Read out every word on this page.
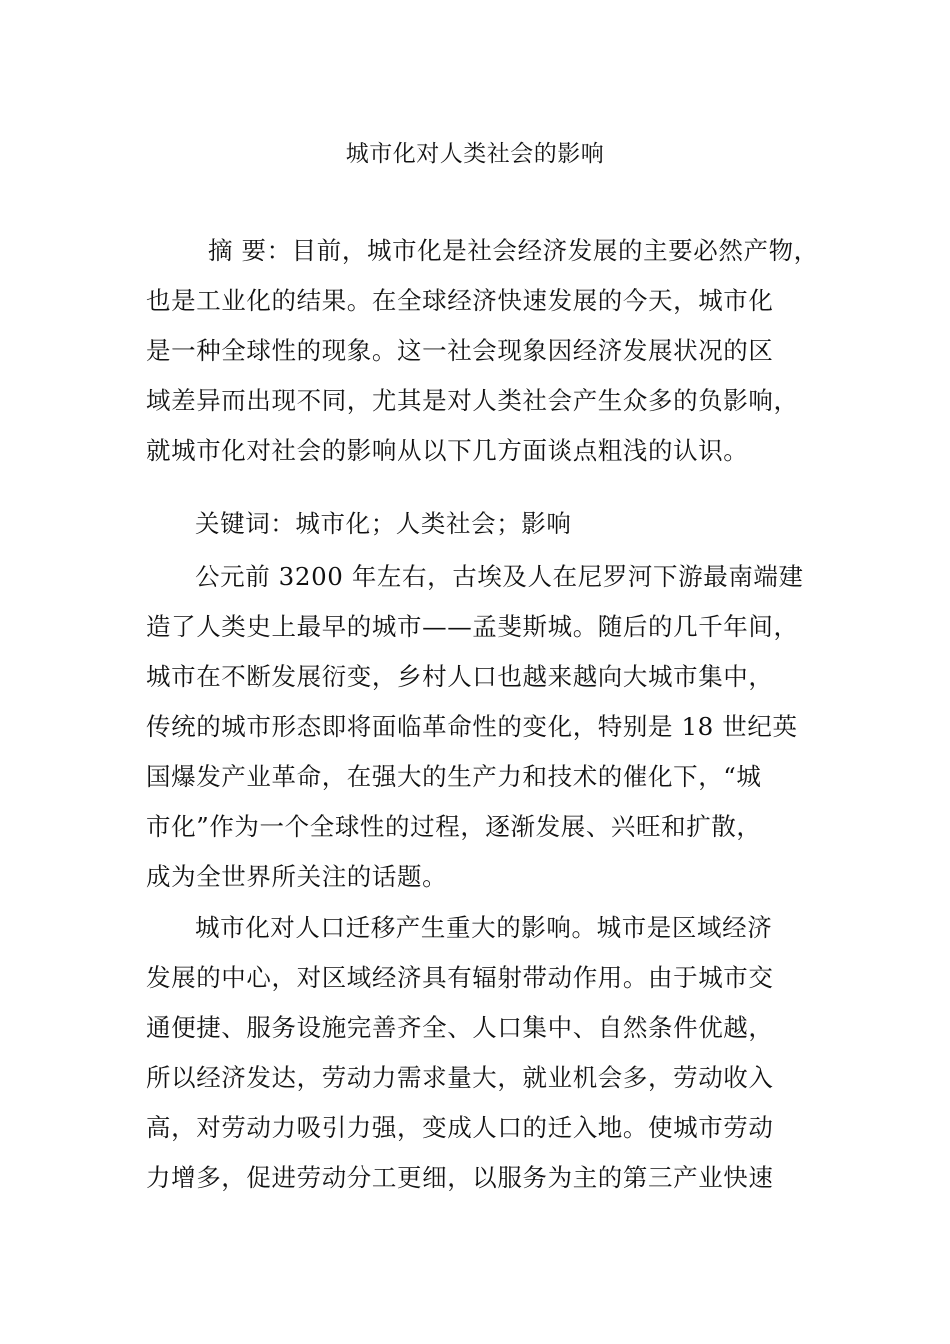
城市化对人类社会的影响
摘 要：目前，城市化是社会经济发展的主要必然产物，
也是工业化的结果。在全球经济快速发展的今天，城市化
是一种全球性的现象。这一社会现象因经济发展状况的区
域差异而出现不同，尤其是对人类社会产生众多的负影响，
就城市化对社会的影响从以下几方面谈点粗浅的认识。
关键词：城市化；人类社会；影响
公元前 3200 年左右，古埃及人在尼罗河下游最南端建
造了人类史上最早的城市——孟斐斯城。随后的几千年间，
城市在不断发展衍变，乡村人口也越来越向大城市集中，
传统的城市形态即将面临革命性的变化，特别是 18 世纪英
国爆发产业革命，在强大的生产力和技术的催化下，“城
市化”作为一个全球性的过程，逐渐发展、兴旺和扩散，
成为全世界所关注的话题。
城市化对人口迁移产生重大的影响。城市是区域经济
发展的中心，对区域经济具有辐射带动作用。由于城市交
通便捷、服务设施完善齐全、人口集中、自然条件优越，
所以经济发达，劳动力需求量大，就业机会多，劳动收入
高，对劳动力吸引力强，变成人口的迁入地。使城市劳动
力增多，促进劳动分工更细，以服务为主的第三产业快速
